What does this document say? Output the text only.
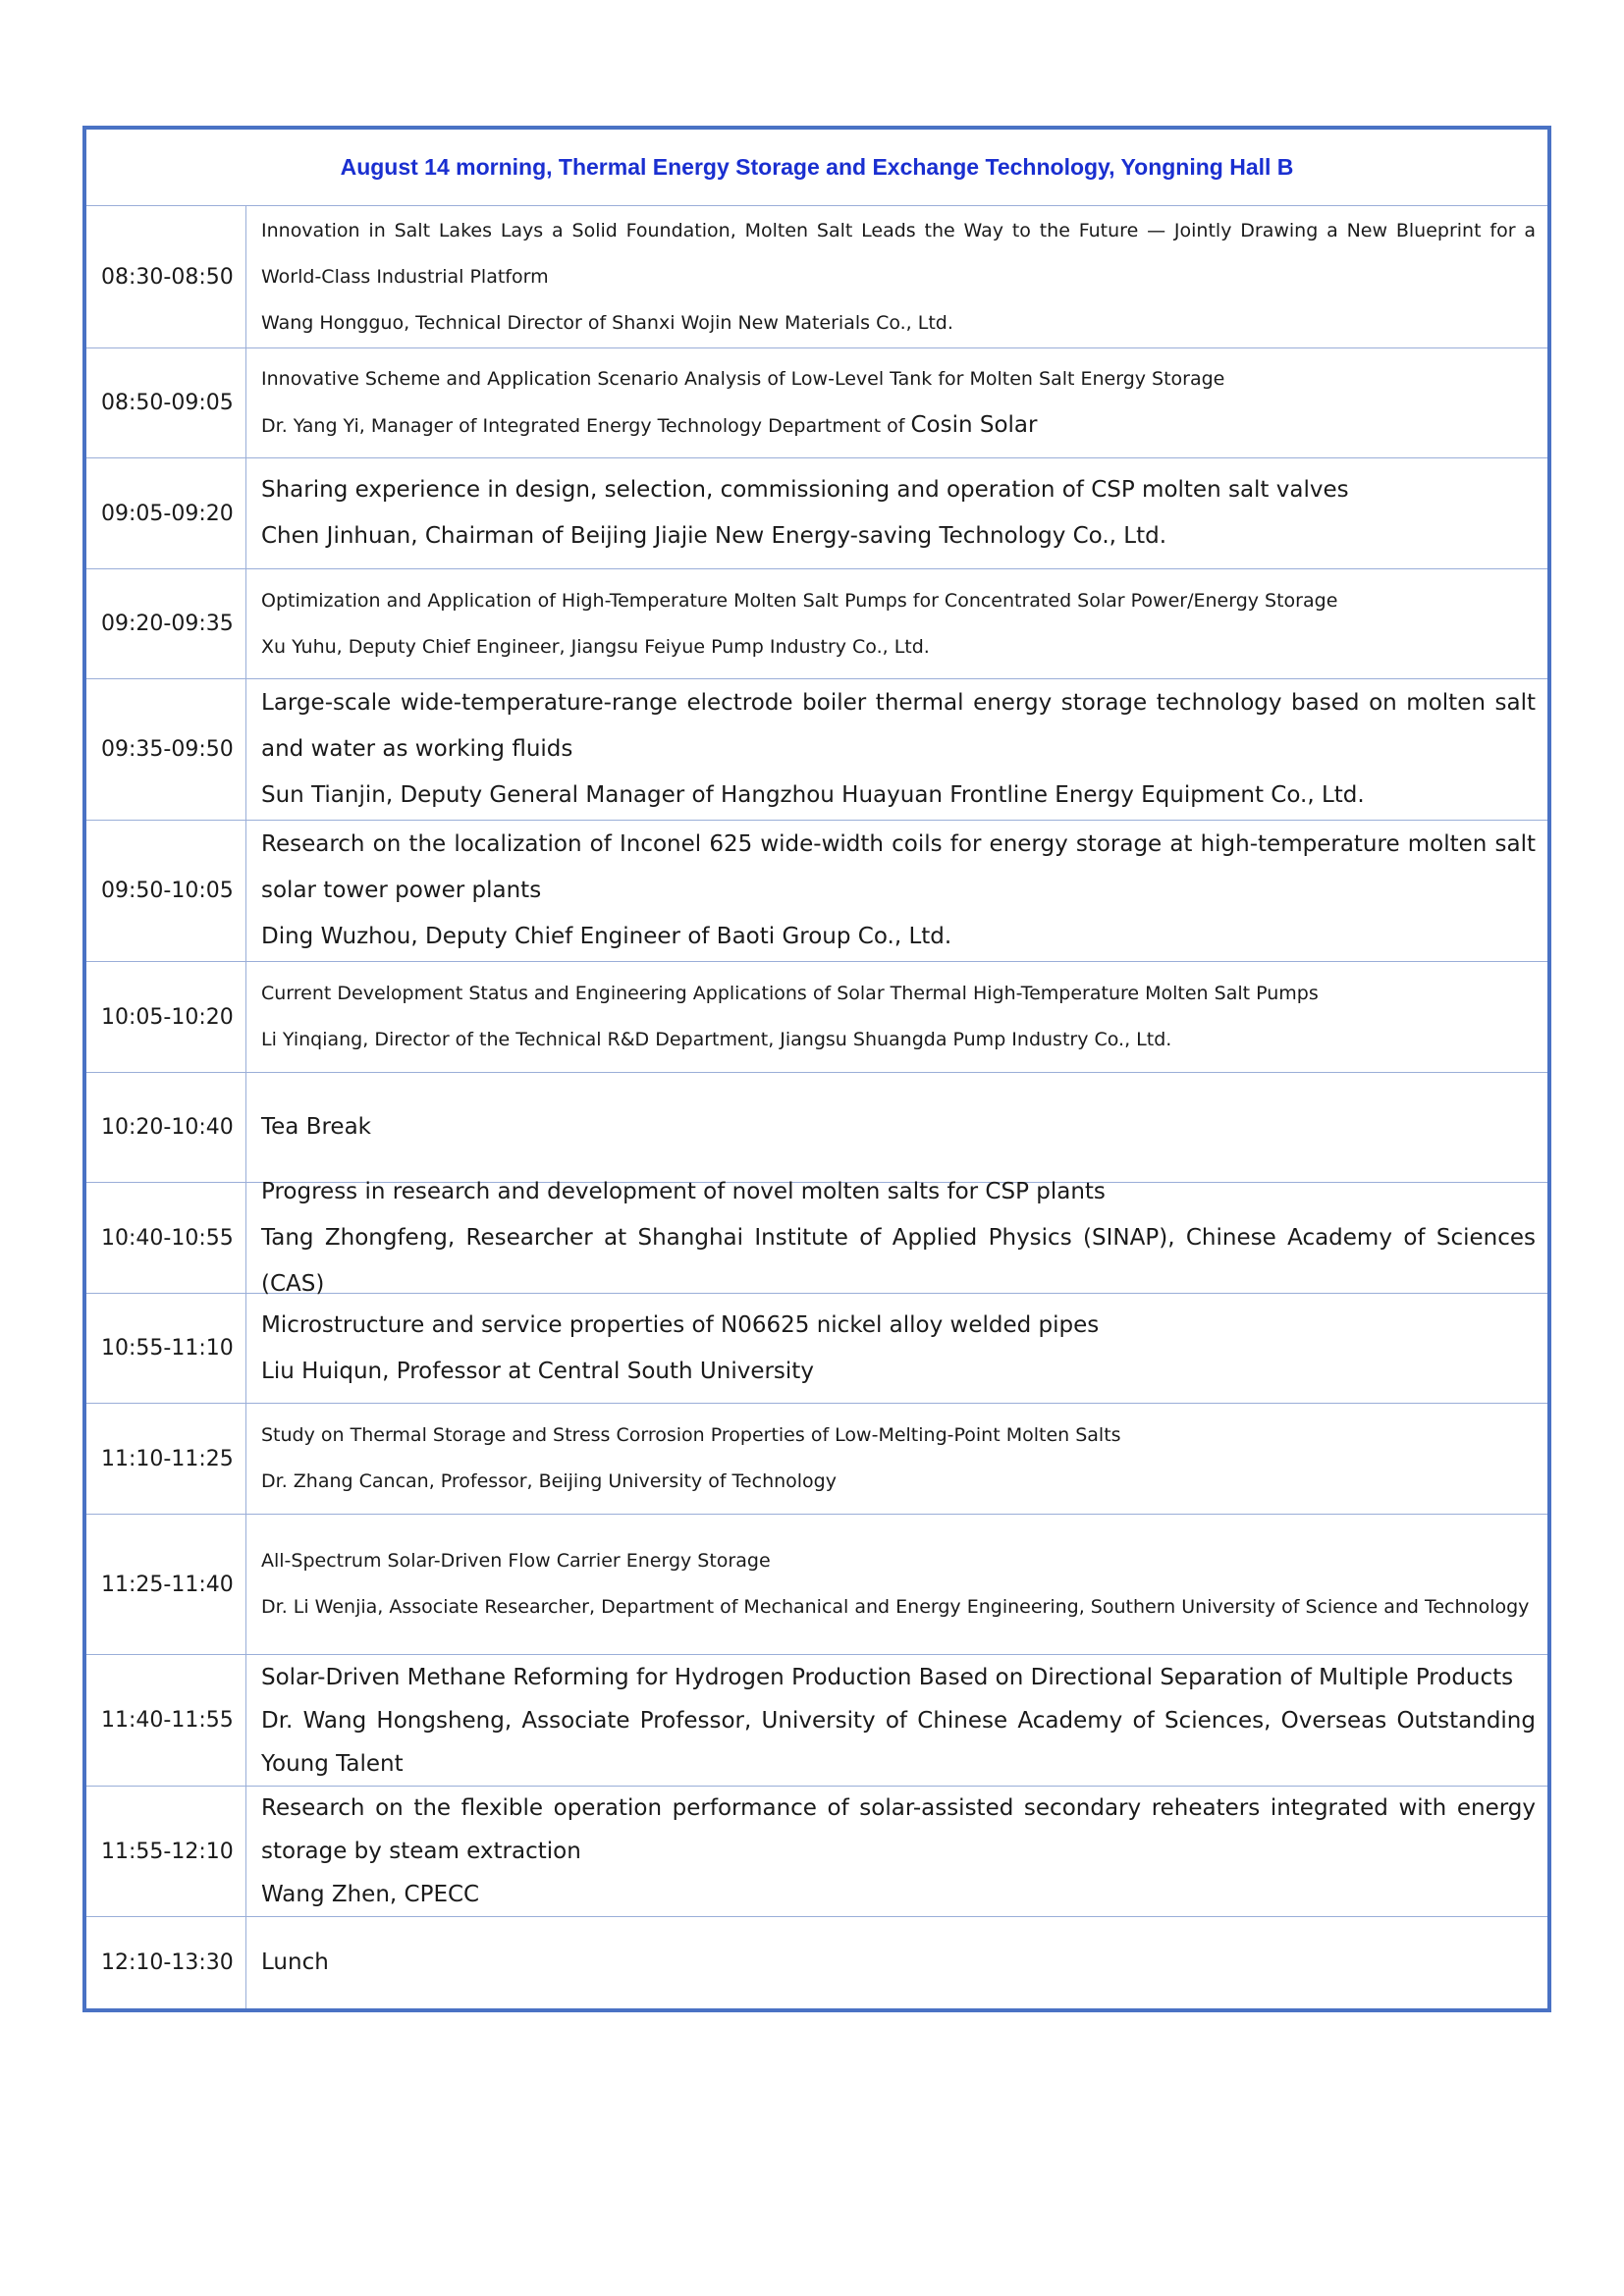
August 14 morning, Thermal Energy Storage and Exchange Technology, Yongning Hall B
08:30-08:50
Innovation in Salt Lakes Lays a Solid Foundation, Molten Salt Leads the Way to the Future — Jointly Drawing a New Blueprint for a World-Class Industrial Platform
Wang Hongguo, Technical Director of Shanxi Wojin New Materials Co., Ltd.
08:50-09:05
Innovative Scheme and Application Scenario Analysis of Low-Level Tank for Molten Salt Energy Storage
Dr. Yang Yi, Manager of Integrated Energy Technology Department of Cosin Solar
09:05-09:20
Sharing experience in design, selection, commissioning and operation of CSP molten salt valves
Chen Jinhuan, Chairman of Beijing Jiajie New Energy-saving Technology Co., Ltd.
09:20-09:35
Optimization and Application of High-Temperature Molten Salt Pumps for Concentrated Solar Power/Energy Storage
Xu Yuhu, Deputy Chief Engineer, Jiangsu Feiyue Pump Industry Co., Ltd.
09:35-09:50
Large-scale wide-temperature-range electrode boiler thermal energy storage technology based on molten salt and water as working fluids
Sun Tianjin, Deputy General Manager of Hangzhou Huayuan Frontline Energy Equipment Co., Ltd.
09:50-10:05
Research on the localization of Inconel 625 wide-width coils for energy storage at high-temperature molten salt solar tower power plants
Ding Wuzhou, Deputy Chief Engineer of Baoti Group Co., Ltd.
10:05-10:20
Current Development Status and Engineering Applications of Solar Thermal High-Temperature Molten Salt Pumps
Li Yinqiang, Director of the Technical R&D Department, Jiangsu Shuangda Pump Industry Co., Ltd.
10:20-10:40	Tea Break
10:40-10:55
Progress in research and development of novel molten salts for CSP plants
Tang Zhongfeng, Researcher at Shanghai Institute of Applied Physics (SINAP), Chinese Academy of Sciences (CAS)
10:55-11:10
Microstructure and service properties of N06625 nickel alloy welded pipes
Liu Huiqun, Professor at Central South University
11:10-11:25
Study on Thermal Storage and Stress Corrosion Properties of Low-Melting-Point Molten Salts
Dr. Zhang Cancan, Professor, Beijing University of Technology
11:25-11:40
All-Spectrum Solar-Driven Flow Carrier Energy Storage
Dr. Li Wenjia, Associate Researcher, Department of Mechanical and Energy Engineering, Southern University of Science and Technology
11:40-11:55
Solar-Driven Methane Reforming for Hydrogen Production Based on Directional Separation of Multiple Products
Dr. Wang Hongsheng, Associate Professor, University of Chinese Academy of Sciences, Overseas Outstanding Young Talent
11:55-12:10
Research on the flexible operation performance of solar-assisted secondary reheaters integrated with energy storage by steam extraction
Wang Zhen, CPECC
12:10-13:30	Lunch
